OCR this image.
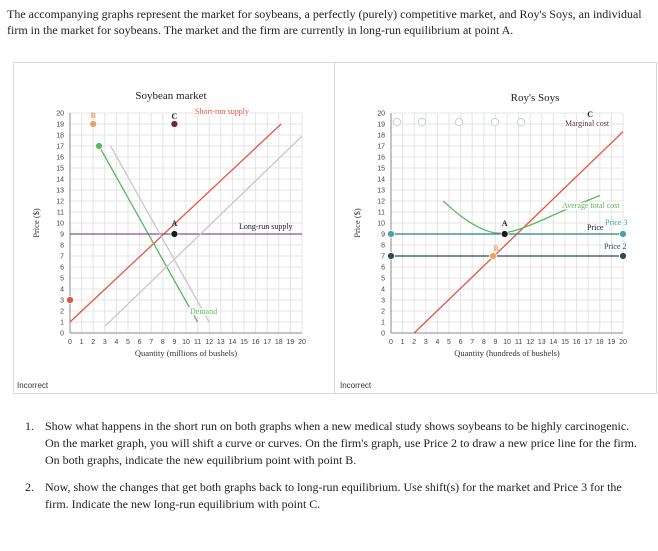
The accompanying graphs represent the market for soybeans, a perfectly (purely) competitive market, and Roy's Soys, an individual firm in the market for soybeans. The market and the firm are currently in long-run equilibrium at point A.
0 1 2 3 4 5 6 7 8 9 10 11 12 13 14 15 16 17 18 19 20
0
1
2
3
4
5
6
7
8
9
10
11
12
13
14
15
16
17
18
19
20
Soybean market
Quantity (millions of bushels)
Price ($)	A
B	C
Short-run supply
Long-run supply
Demand
0 1 2 3 4 5 6 7 8 9 10 11 12 13 14 15 16 17 18 19 20
0
1
2
3
4
5
6
7
8
9
10
11
12
13
14
15
16
17
18
19
20
Roy's Soys
Quantity (hundreds of bushels)
Price ($)	A
B
C
Marginal cost
Average total cost
Price
Price 3
Price 2
Incorrect	Incorrect
1. Show what happens in the short run on both graphs when a new medical study shows soybeans to be highly carcinogenic. On the market graph, you will shift a curve or curves. On the firm's graph, use Price 2 to draw a new price line for the firm. On both graphs, indicate the new equilibrium point with point B.
2. Now, show the changes that get both graphs back to long-run equilibrium. Use shift(s) for the market and Price 3 for the firm. Indicate the new long-run equilibrium with point C.
